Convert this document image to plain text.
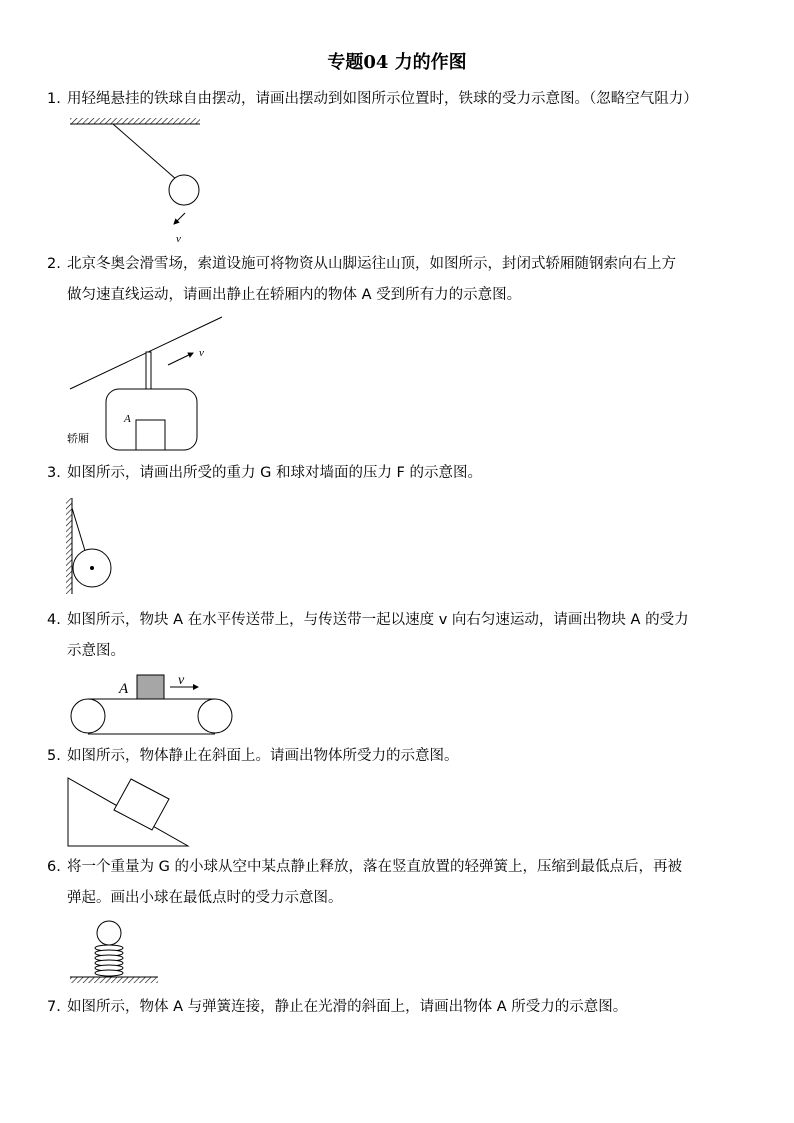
专题04 力的作图
1. 用轻绳悬挂的铁球自由摆动，请画出摆动到如图所示位置时，铁球的受力示意图。（忽略空气阻力）
v
2. 北京冬奥会滑雪场，索道设施可将物资从山脚运往山顶，如图所示，封闭式轿厢随钢索向右上方
做匀速直线运动，请画出静止在轿厢内的物体 A 受到所有力的示意图。
A
v
轿厢
3. 如图所示，请画出所受的重力 G 和球对墙面的压力 F 的示意图。
4. 如图所示，物块 A 在水平传送带上，与传送带一起以速度 v 向右匀速运动，请画出物块 A 的受力
示意图。
A
v
5. 如图所示，物体静止在斜面上。请画出物体所受力的示意图。
6. 将一个重量为 G 的小球从空中某点静止释放，落在竖直放置的轻弹簧上，压缩到最低点后，再被
弹起。画出小球在最低点时的受力示意图。
7. 如图所示，物体 A 与弹簧连接，静止在光滑的斜面上，请画出物体 A 所受力的示意图。
